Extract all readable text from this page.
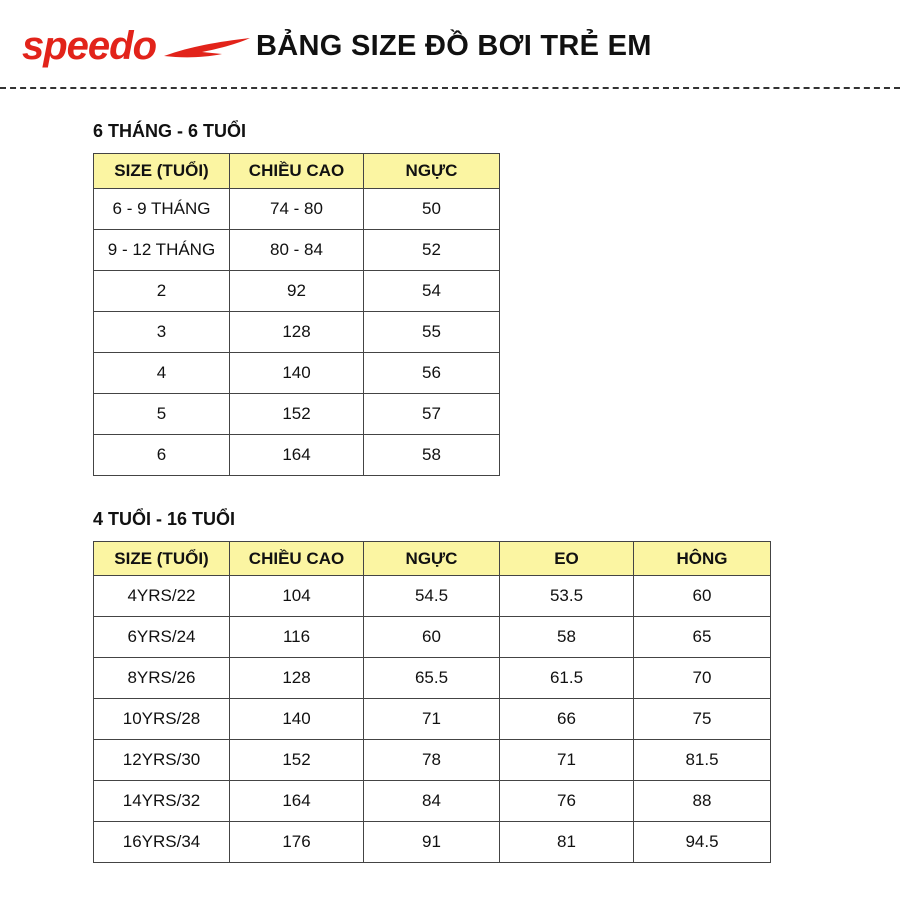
speedo	BẢNG SIZE ĐỒ BƠI TRẺ EM
6 THÁNG - 6 TUỔI
SIZE (TUỔI)	CHIỀU CAO	NGỰC
6 - 9 THÁNG	74 - 80	50
9 - 12 THÁNG	80 - 84	52
2	92	54
3	128	55
4	140	56
5	152	57
6	164	58
4 TUỔI - 16 TUỔI
SIZE (TUỔI)	CHIỀU CAO	NGỰC	EO	HÔNG
4YRS/22	104	54.5	53.5	60
6YRS/24	116	60	58	65
8YRS/26	128	65.5	61.5	70
10YRS/28	140	71	66	75
12YRS/30	152	78	71	81.5
14YRS/32	164	84	76	88
16YRS/34	176	91	81	94.5
